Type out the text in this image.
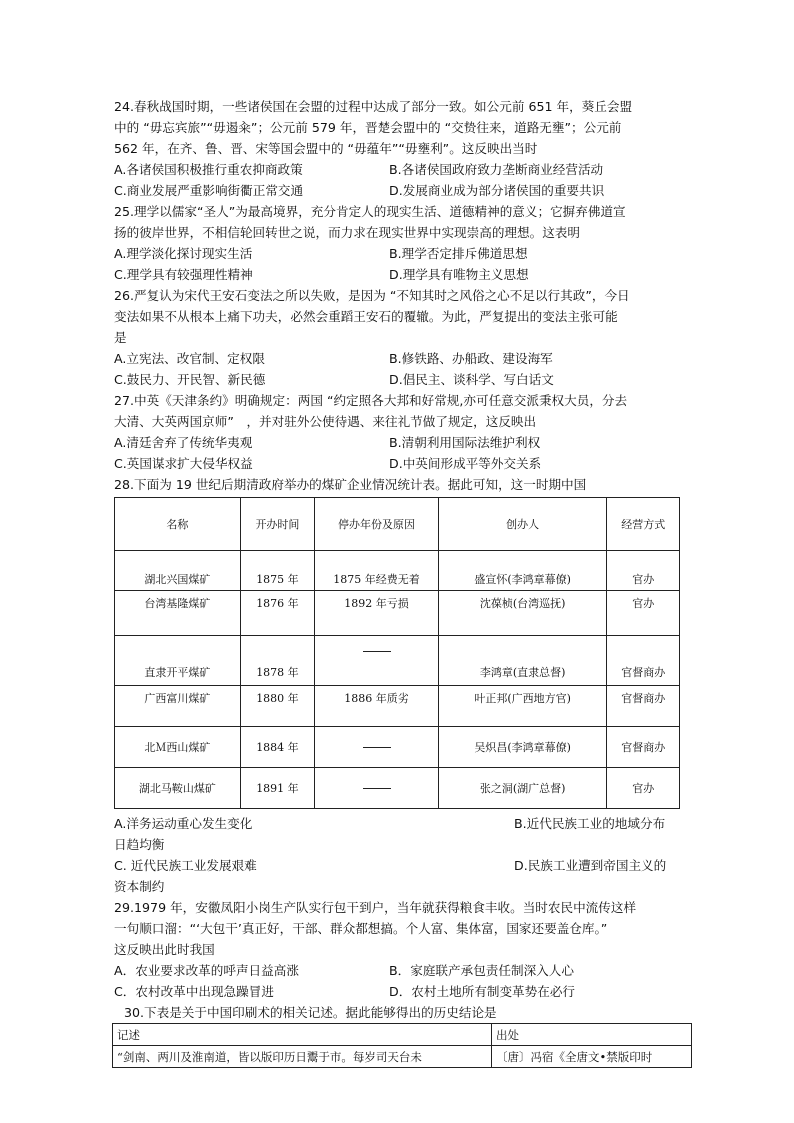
24.春秋战国时期，一些诸侯国在会盟的过程中达成了部分一致。如公元前 651 年，葵丘会盟
中的 “毋忘宾旅”“毋遏籴”；公元前 579 年，晋楚会盟中的 “交贽往来，道路无壅”；公元前
562 年，在齐、鲁、晋、宋等国会盟中的 “毋蕴年”“毋壅利”。这反映出当时
A.各诸侯国积极推行重农抑商政策	B.各诸侯国政府致力垄断商业经营活动
C.商业发展严重影响街衢正常交通	D.发展商业成为部分诸侯国的重要共识
25.理学以儒家“圣人”为最高境界，充分肯定人的现实生活、道德精神的意义；它摒弃佛道宣
扬的彼岸世界，不相信轮回转世之说，而力求在现实世界中实现崇高的理想。这表明
A.理学淡化探讨现实生活	B.理学否定排斥佛道思想
C.理学具有较强理性精神	D.理学具有唯物主义思想
26.严复认为宋代王安石变法之所以失败，是因为 “不知其时之风俗之心不足以行其政”，今日
变法如果不从根本上痛下功夫，必然会重蹈王安石的覆辙。为此，严复提出的变法主张可能
是
A.立宪法、改官制、定权限	B.修铁路、办船政、建设海军
C.鼓民力、开民智、新民德	D.倡民主、谈科学、写白话文
27.中英《天津条约》明确规定：两国 “约定照各大邦和好常规,亦可任意交派秉权大员，分去
大清、大英两国京师”　，并对驻外公使待遇、来往礼节做了规定，这反映出
A.清廷舍弃了传统华夷观	B.清朝利用国际法维护利权
C.英国谋求扩大侵华权益	D.中英间形成平等外交关系
28.下面为 19 世纪后期清政府举办的煤矿企业情况统计表。据此可知，这一时期中国
名称	开办时间	停办年份及原因	创办人	经营方式
湖北兴国煤矿	1875 年	1875 年经费无着	盛宣怀(李鸿章幕僚)	官办
台湾基隆煤矿	1876 年	1892 年亏损	沈葆桢(台湾巡抚)	官办
直隶开平煤矿	1878 年		李鸿章(直隶总督)	官督商办
广西富川煤矿	1880 年	1886 年质劣	叶正邦(广西地方官)	官督商办
北Ｍ西山煤矿	1884 年		吴炽昌(李鸿章幕僚)	官督商办
湖北马鞍山煤矿	1891 年		张之洞(湖广总督)	官办
A.洋务运动重心发生变化	B.近代民族工业的地域分布
日趋均衡
C. 近代民族工业发展艰难	D.民族工业遭到帝国主义的
资本制约
29.1979 年，安徽凤阳小岗生产队实行包干到户，当年就获得粮食丰收。当时农民中流传这样
一句顺口溜：“‘大包干’真正好，干部、群众都想搞。个人富、集体富，国家还要盖仓库。”
这反映出此时我国
A．农业要求改革的呼声日益高涨	B．家庭联产承包责任制深入人心
C．农村改革中出现急躁冒进	D．农村土地所有制变革势在必行
30.下表是关于中国印刷术的相关记述。据此能够得出的历史结论是
记述	出处
“剑南、两川及淮南道，皆以版印历日鬻于市。每岁司天台未	〔唐〕冯宿《全唐文•禁版印时
